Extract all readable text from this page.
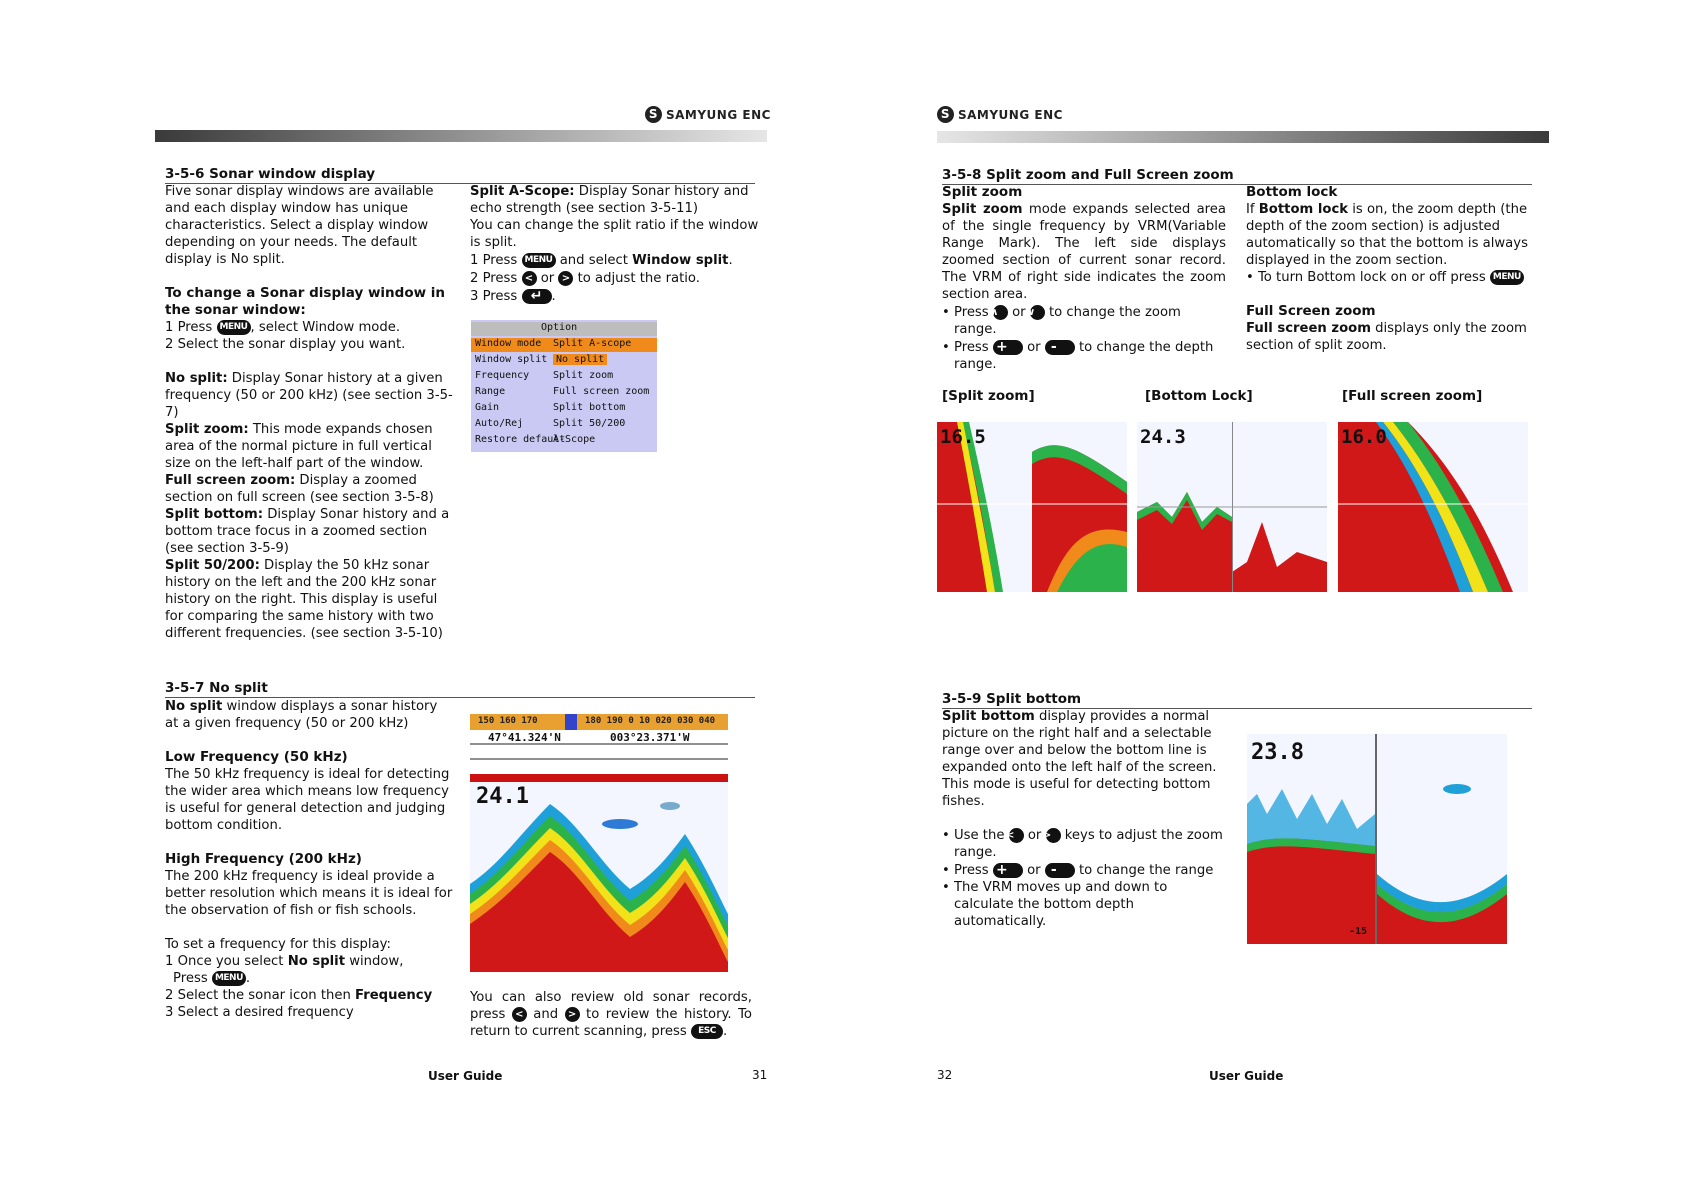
S SAMYUNG ENC	S SAMYUNG ENC
3-5-6 Sonar window display

Five sonar display windows are available and each display window has unique characteristics. Select a display window depending on your needs. The default display is No split.

To change a Sonar display window in the sonar window:

1 Press MENU , select Window mode.

2 Select the sonar display you want.

No split: Display Sonar history at a given frequency (50 or 200 kHz) (see section 3-5-7)

Split zoom: This mode expands chosen area of the normal picture in full vertical size on the left-half part of the window.

Full screen zoom: Display a zoomed section on full screen (see section 3-5-8)

Split bottom: Display Sonar history and a bottom trace focus in a zoomed section (see section 3-5-9)

Split 50/200: Display the 50 kHz sonar history on the left and the 200 kHz sonar history on the right. This display is useful for comparing the same history with two different frequencies. (see section 3-5-10)

Split A-Scope: Display Sonar history and echo strength (see section 3-5-11)

You can change the split ratio if the window is split.

1 Press MENU and select Window split.

2 Press < or > to adjust the ratio.

3 Press ↵ .

Option
Window mode Split A-scope
Window split No split
Frequency Split zoom
Range	Full screen zoom
Gain	Split bottom
Auto/Rej	Split 50/200
Restore default
A-Scope
3-5-7 No split

No split window displays a sonar history at a given frequency (50 or 200 kHz)

Low Frequency (50 kHz)

The 50 kHz frequency is ideal for detecting the wider area which means low frequency is useful for general detection and judging bottom condition.

High Frequency (200 kHz)

The 200 kHz frequency is ideal provide a better resolution which means it is ideal for the observation of fish or fish schools.

To set a frequency for this display:

1 Once you select No split window,

Press MENU .

2 Select the sonar icon then Frequency

3 Select a desired frequency

150 160 170	180 190 0 10 020 030 040
47°41.324'N	003°23.371'W
24.1

You can also review old sonar records, press < and > to review the history. To return to current scanning, press ESC .

User Guide	31
3-5-8 Split zoom and Full Screen zoom

Split zoom

Split zoom mode expands selected area of the single frequency by VRM(Variable Range Mark). The left side displays zoomed section of current sonar record. The VRM of right side indicates the zoom section area.

• Press ∧ or ∨ to change the zoom range.

• Press + or - to change the depth range.

Bottom lock

If Bottom lock is on, the zoom depth (the depth of the zoom section) is adjusted automatically so that the bottom is always displayed in the zoom section.

• To turn Bottom lock on or off press MENU

Full Screen zoom

Full screen zoom displays only the zoom section of split zoom.

[Split zoom]	[Bottom Lock]	[Full screen zoom]
16.5	24.3	16.0
3-5-9 Split bottom

Split bottom display provides a normal picture on the right half and a selectable range over and below the bottom line is expanded onto the left half of the screen. This mode is useful for detecting bottom fishes.

• Use the < or > keys to adjust the zoom range.

• Press + or - to change the range

• The VRM moves up and down to calculate the bottom depth automatically.

23.8
-15
32	User Guide
